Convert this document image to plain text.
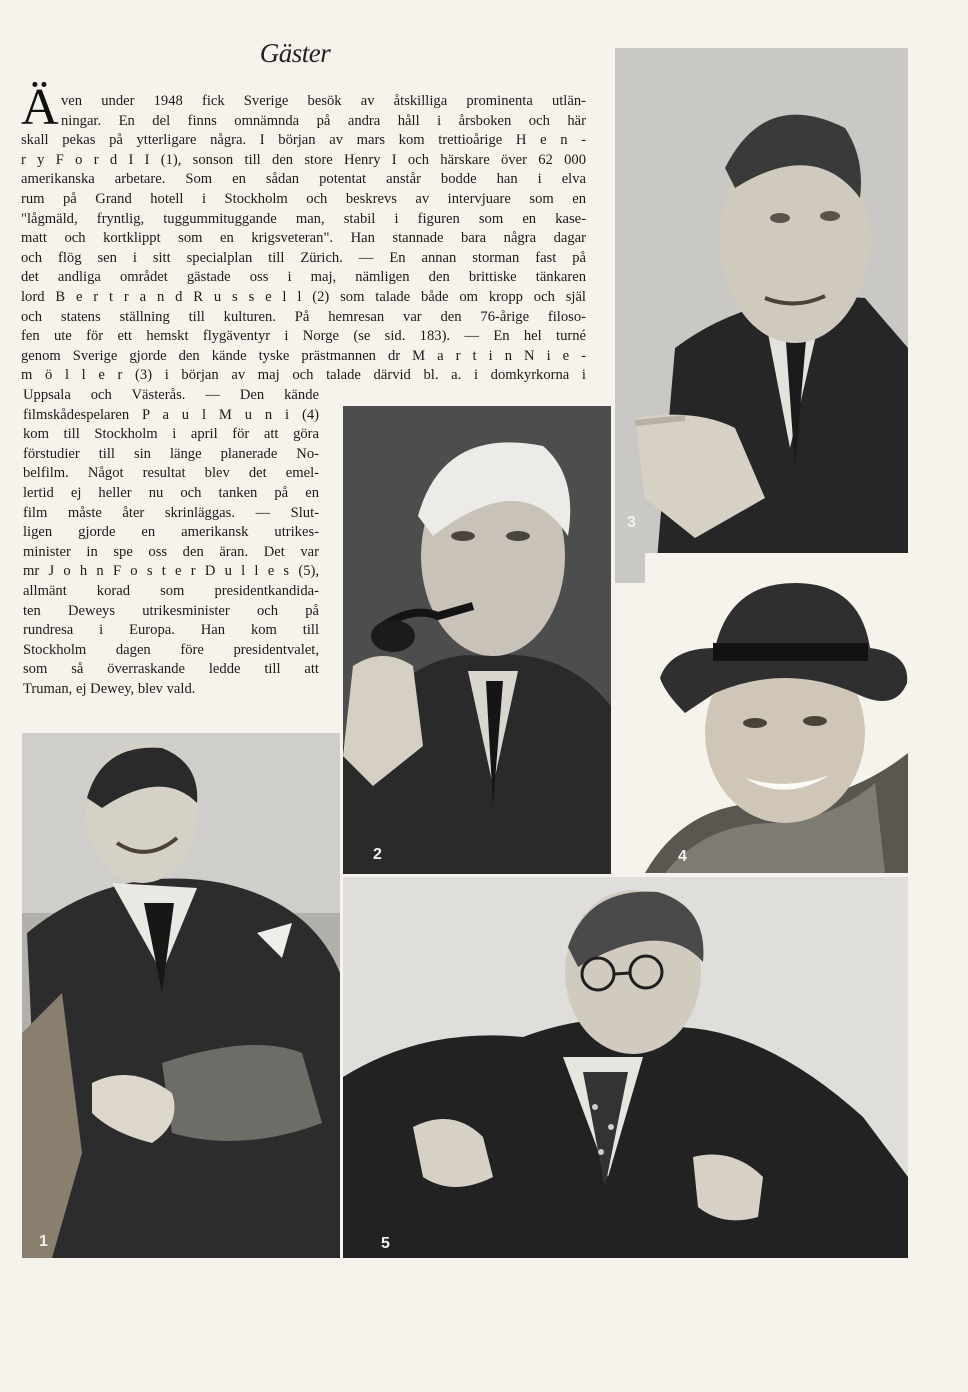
Gäster
Ä ven under 1948 fick Sverige besök av åtskilliga prominenta utlän-
ningar. En del finns omnämnda på andra håll i årsboken och här
skall pekas på ytterligare några. I början av mars kom trettioårige H e n -
r y F o r d I I (1), sonson till den store Henry I och härskare över 62 000
amerikanska arbetare. Som en sådan potentat anstår bodde han i elva
rum på Grand hotell i Stockholm och beskrevs av intervjuare som en
"lågmäld, fryntlig, tuggummituggande man, stabil i figuren som en kase-
matt och kortklippt som en krigsveteran". Han stannade bara några dagar
och flög sen i sitt specialplan till Zürich. — En annan storman fast på
det andliga området gästade oss i maj, nämligen den brittiske tänkaren
lord B e r t r a n d R u s s e l l (2) som talade både om kropp och själ
och statens ställning till kulturen. På hemresan var den 76-årige filoso-
fen ute för ett hemskt flygäventyr i Norge (se sid. 183). — En hel turné
genom Sverige gjorde den kände tyske prästmannen dr M a r t i n N i e -
m ö l l e r (3) i början av maj och talade därvid bl. a. i domkyrkorna i
Uppsala och Västerås. — Den kände
filmskådespelaren P a u l M u n i (4)
kom till Stockholm i april för att göra
förstudier till sin länge planerade No-
belfilm. Något resultat blev det emel-
lertid ej heller nu och tanken på en
film måste åter skrinläggas. — Slut-
ligen gjorde en amerikansk utrikes-
minister in spe oss den äran. Det var
mr J o h n F o s t e r D u l l e s (5),
allmänt korad som presidentkandida-
ten Deweys utrikesminister och på
rundresa i Europa. Han kom till
Stockholm dagen före presidentvalet,
som så överraskande ledde till att
Truman, ej Dewey, blev vald.
3
2	4
1	5
